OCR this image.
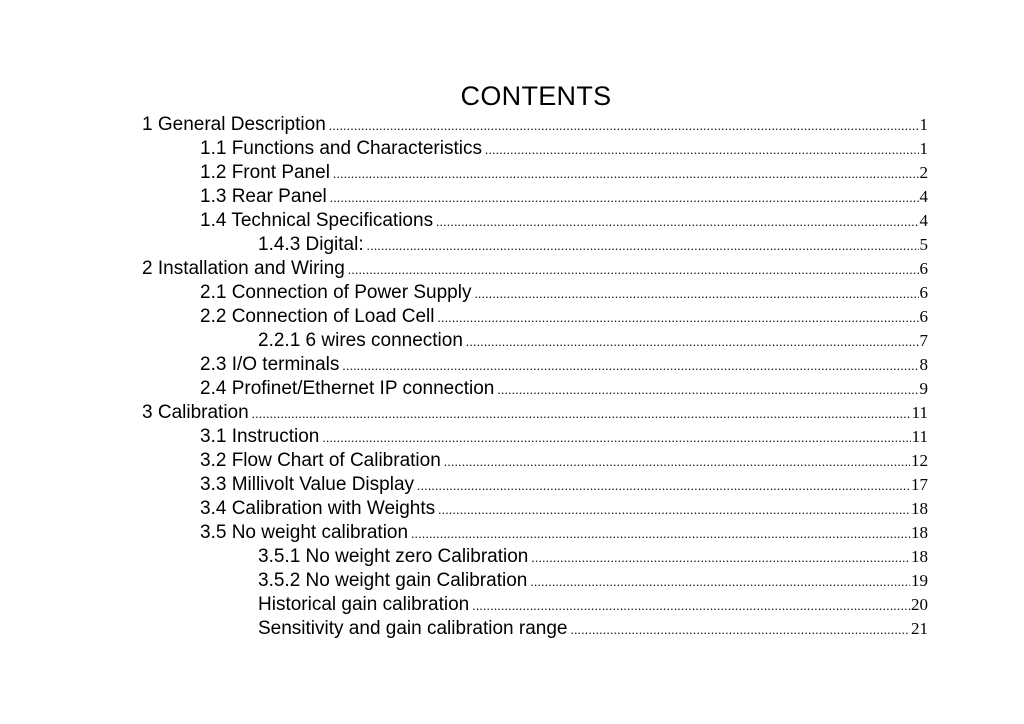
CONTENTS
1 General Description .....	1
1.1 Functions and Characteristics .....	1
1.2 Front Panel .....	2
1.3 Rear Panel .....	4
1.4 Technical Specifications .....	4
1.4.3 Digital: .....	5
2 Installation and Wiring .....	6
2.1 Connection of Power Supply .....	6
2.2 Connection of Load Cell .....	6
2.2.1 6 wires connection .....	7
2.3 I/O terminals .....	8
2.4 Profinet/Ethernet IP connection .....	9
3 Calibration .....	11
3.1 Instruction .....	11
3.2 Flow Chart of Calibration .....	12
3.3 Millivolt Value Display .....	17
3.4 Calibration with Weights .....	18
3.5 No weight calibration .....	18
3.5.1 No weight zero Calibration .....	18
3.5.2 No weight gain Calibration .....	19
Historical gain calibration .....	20
Sensitivity and gain calibration range .....	21
